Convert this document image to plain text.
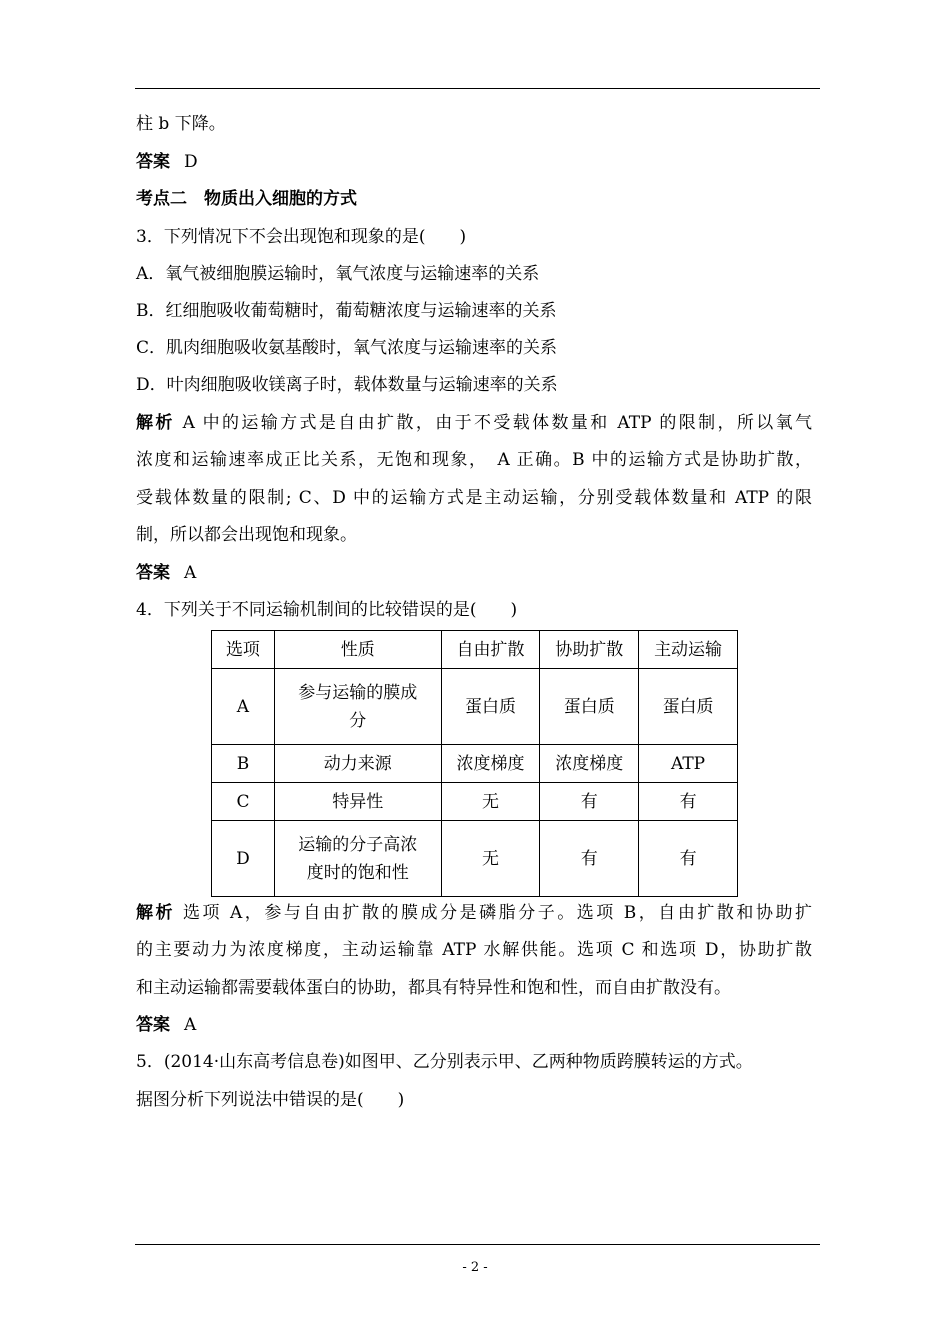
柱 b 下降。
答案 D
考点二　物质出入细胞的方式
3．下列情况下不会出现饱和现象的是(　　)
A．氧气被细胞膜运输时，氧气浓度与运输速率的关系
B．红细胞吸收葡萄糖时，葡萄糖浓度与运输速率的关系
C．肌肉细胞吸收氨基酸时，氧气浓度与运输速率的关系
D．叶肉细胞吸收镁离子时，载体数量与运输速率的关系
解析 A 中的运输方式是自由扩散，由于不受载体数量和 ATP 的限制，所以氧气
浓度和运输速率成正比关系，无饱和现象，　A 正确。B 中的运输方式是协助扩散，
受载体数量的限制; C、D 中的运输方式是主动运输，分别受载体数量和 ATP 的限
制，所以都会出现饱和现象。
答案 A
4．下列关于不同运输机制间的比较错误的是(　　)
选项	性质	自由扩散	协助扩散	主动运输
A	参与运输的膜成分	蛋白质	蛋白质	蛋白质
B	动力来源	浓度梯度	浓度梯度	ATP
C	特异性	无	有	有
D	运输的分子高浓度时的饱和性	无	有	有
解析 选项 A，参与自由扩散的膜成分是磷脂分子。选项 B，自由扩散和协助扩
的主要动力为浓度梯度，主动运输靠 ATP 水解供能。选项 C 和选项 D，协助扩散
和主动运输都需要载体蛋白的协助，都具有特异性和饱和性，而自由扩散没有。
答案 A
5．(2014·山东高考信息卷)如图甲、乙分别表示甲、乙两种物质跨膜转运的方式。
据图分析下列说法中错误的是(　　)
- 2 -
